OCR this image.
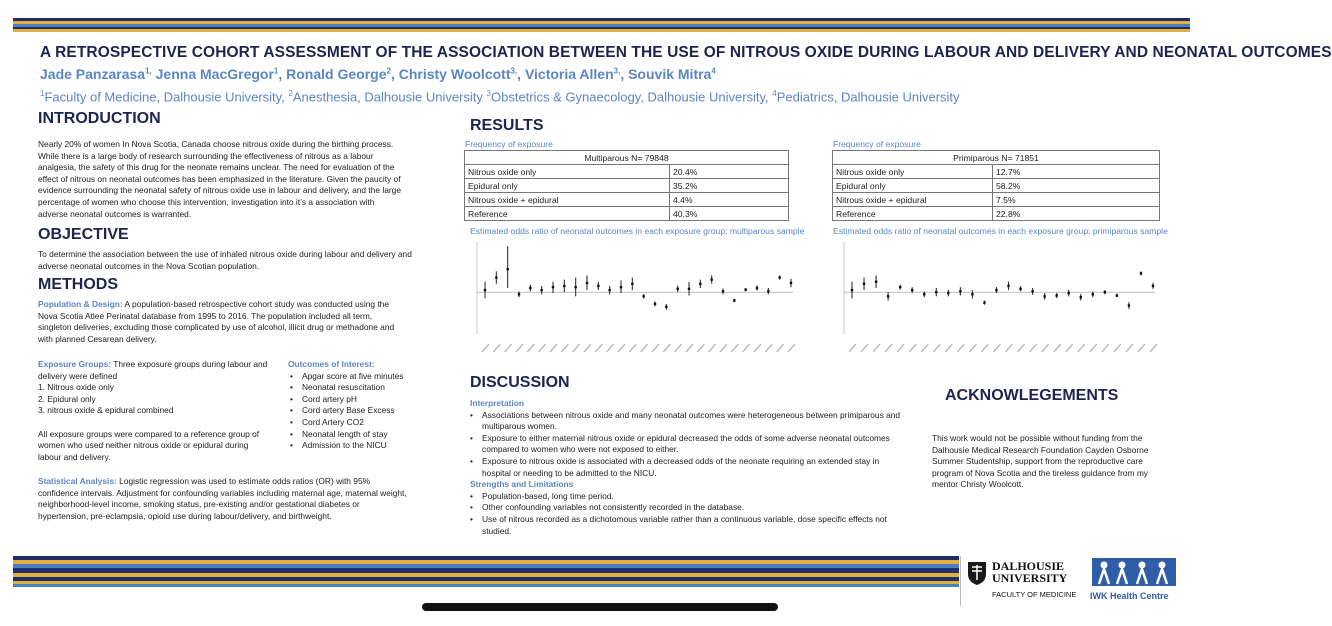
A RETROSPECTIVE COHORT ASSESSMENT OF THE ASSOCIATION BETWEEN THE USE OF NITROUS OXIDE DURING LABOUR AND DELIVERY AND NEONATAL OUTCOMES
Jade Panzarasa$^{1,}$ Jenna MacGregor$^1$, Ronald George$^2$, Christy Woolcott$^{3,}$, Victoria Allen$^{3,}$, Souvik Mitra$^4$
$^1$Faculty of Medicine, Dalhousie University, $^2$Anesthesia, Dalhousie University $^3$Obstetrics & Gynaecology, Dalhousie University, $^4$Pediatrics, Dalhousie University
INTRODUCTION
Nearly 20% of women In Nova Scotia, Canada choose nitrous oxide during the birthing process. While there is a large body of research surrounding the effectiveness of nitrous as a labour analgesia, the safety of this drug for the neonate remains unclear. The need for evaluation of the effect of nitrous on neonatal outcomes has been emphasized in the literature. Given the paucity of evidence surrounding the neonatal safety of nitrous oxide use in labour and delivery, and the large percentage of women who choose this intervention, investigation into it’s a association with adverse neonatal outcomes is warranted.
OBJECTIVE
To determine the association between the use of inhaled nitrous oxide during labour and delivery and adverse neonatal outcomes in the Nova Scotian population.
METHODS
Population & Design: A population-based retrospective cohort study was conducted using the Nova Scotia Atlee Perinatal database from 1995 to 2016. The population included all term, singleton deliveries, excluding those complicated by use of alcohol, illicit drug or methadone and with planned Cesarean delivery.
Exposure Groups: Three exposure groups during labour and delivery were defined
1. Nitrous oxide only
2. Epidural only
3. nitrous oxide & epidural combined

All exposure groups were compared to a reference group of women who used neither nitrous oxide or epidural during labour and delivery.
Outcomes of Interest:
• Apgar score at five minutes
• Neonatal resuscitation
• Cord artery pH
• Cord artery Base Excess
• Cord Artery CO2
• Neonatal length of stay
• Admission to the NICU
Statistical Analysis: Logistic regression was used to estimate odds ratios (OR) with 95% confidence intervals. Adjustment for confounding variables including maternal age, maternal weight, neighborhood-level income, smoking status, pre-existing and/or gestational diabetes or hypertension, pre-eclampsia, opioid use during labour/delivery, and birthweight.
RESULTS
Frequency of exposure
Multiparous N= 79848	
Nitrous oxide only	20.4%
Epidural only	35.2%
Nitrous oxide + epidural	4.4%
Reference	40.3%
Frequency of exposure
Primiparous N= 71851	
Nitrous oxide only	12.7%
Epidural only	58.2%
Nitrous oxide + epidural	7.5%
Reference	22.8%
Estimated odds ratio of neonatal outcomes in each exposure group; multiparous sample	Estimated odds ratio of neonatal outcomes in each exposure group; primiparous sample
DISCUSSION
Interpretation
• Associations between nitrous oxide and many neonatal outcomes were heterogeneous between primiparous and multiparous women.
• Exposure to either maternal nitrous oxide or epidural decreased the odds of some adverse neonatal outcomes compared to women who were not exposed to either.
• Exposure to nitrous oxide is associated with a decreased odds of the neonate requiring an extended stay in hospital or needing to be admitted to the NICU.
Strengths and Limitations
• Population-based, long time period.
• Other confounding variables not consistently recorded in the database.
• Use of nitrous recorded as a dichotomous variable rather than a continuous variable, dose specific effects not studied.
ACKNOWLEGEMENTS
This work would not be possible without funding from the Dalhousie Medical Research Foundation Cayden Osborne Summer Studentship, support from the reproductive care program of Nova Scotia and the tireless guidance from my mentor Christy Woolcott.
DALHOUSIE
UNIVERSITY
FACULTY OF MEDICINE IWK Health Centre
